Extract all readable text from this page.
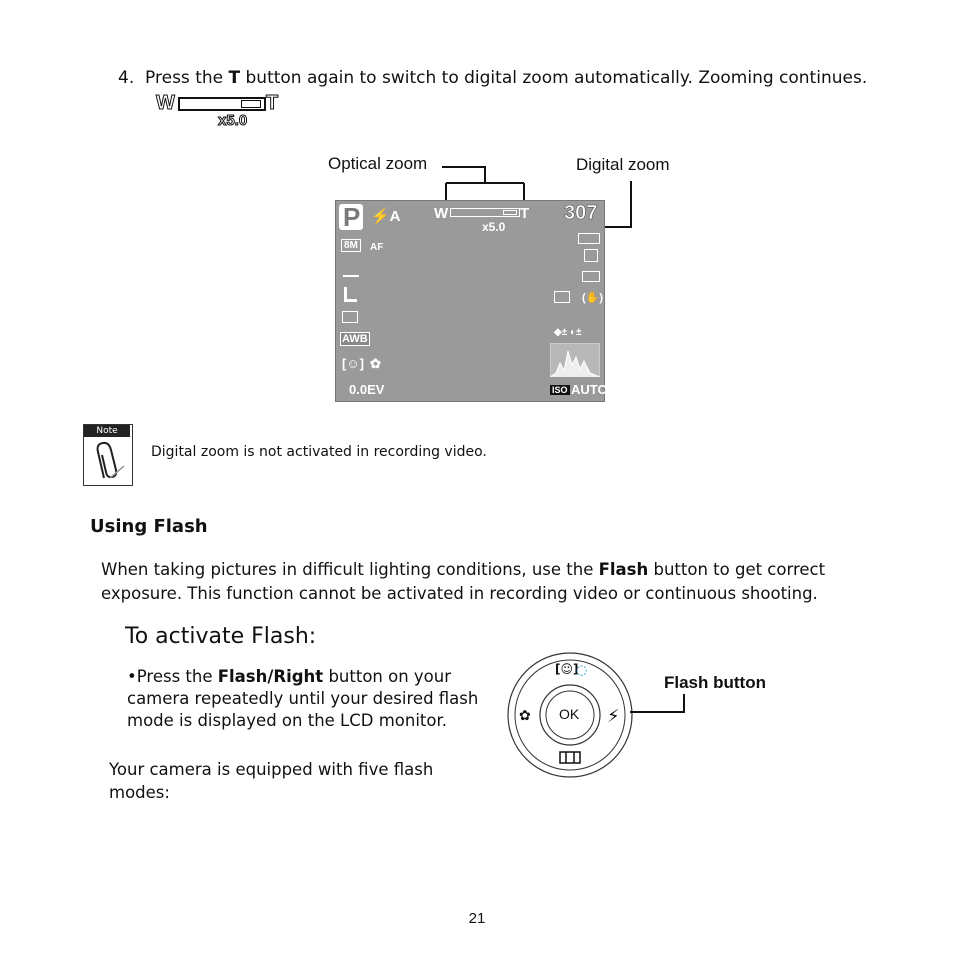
4. Press the T button again to switch to digital zoom automatically. Zooming continues.
W	T
x5.0
Optical zoom	Digital zoom
P ⚡A W	T
x5.0
307
8M	AF
(✋)
◆± ◐±
AWB
[☺] ✿
0.0EV	ISO AUTO
Note
Digital zoom is not activated in recording video.
Using Flash
When taking pictures in difficult lighting conditions, use the Flash button to get correct exposure. This function cannot be activated in recording video or continuous shooting.
To activate Flash:
•Press the Flash/Right button on your camera repeatedly until your desired flash mode is displayed on the LCD monitor.
Your camera is equipped with five flash modes:
[☺]
◌
✿	⚡
OK
Flash button
21
